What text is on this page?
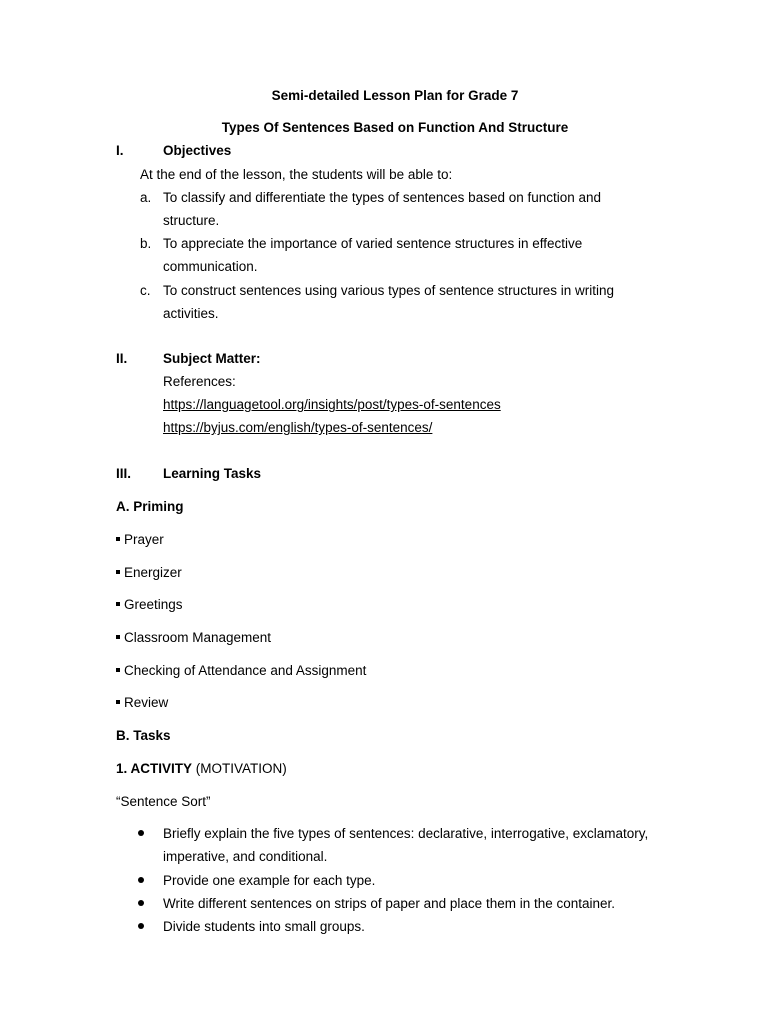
Semi-detailed Lesson Plan for Grade 7
Types Of Sentences Based on Function And Structure
I.	Objectives
At the end of the lesson, the students will be able to:
a. To classify and differentiate the types of sentences based on function and
structure.
b. To appreciate the importance of varied sentence structures in effective
communication.
c. To construct sentences using various types of sentence structures in writing
activities.
II.	Subject Matter:
References:
https://languagetool.org/insights/post/types-of-sentences
https://byjus.com/english/types-of-sentences/
III. Learning Tasks
A. Priming
Prayer
Energizer
Greetings
Classroom Management
Checking of Attendance and Assignment
Review
B. Tasks
1. ACTIVITY (MOTIVATION)
“Sentence Sort”
Briefly explain the five types of sentences: declarative, interrogative, exclamatory,
imperative, and conditional.
Provide one example for each type.
Write different sentences on strips of paper and place them in the container.
Divide students into small groups.
